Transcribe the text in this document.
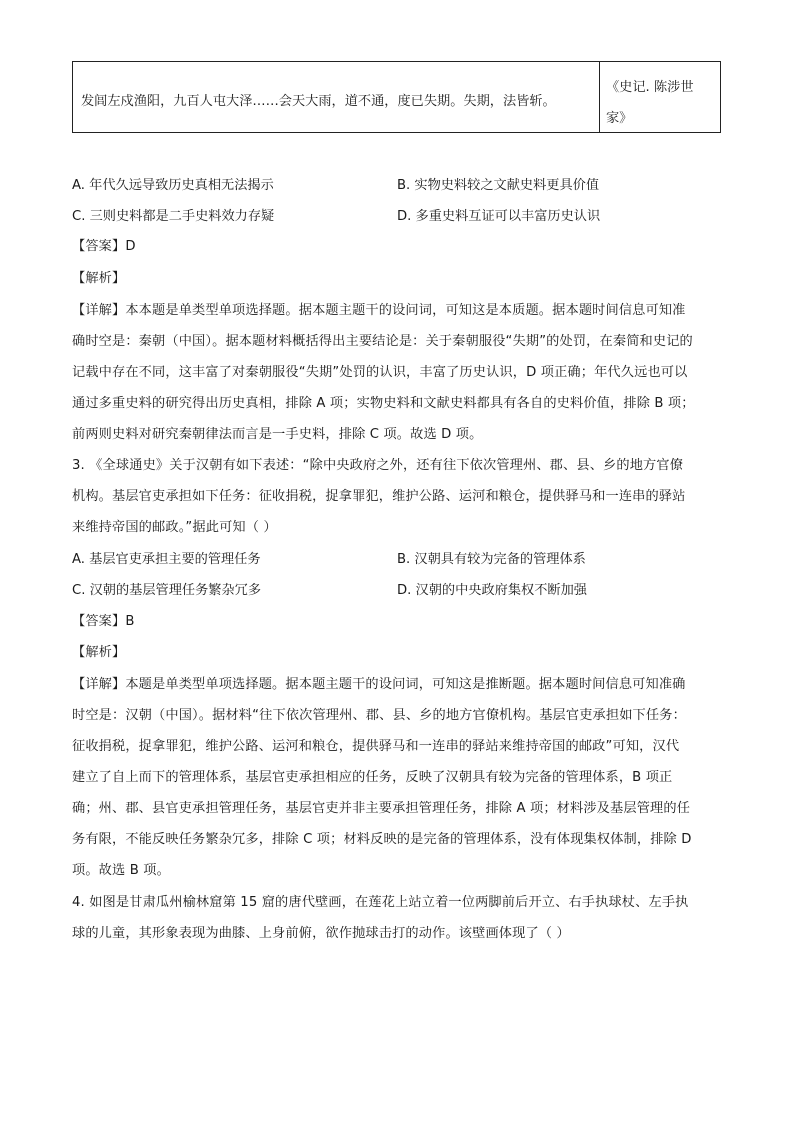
发闾左戍渔阳，九百人屯大泽……会天大雨，道不通，度已失期。失期，法皆斩。
《史记. 陈涉世家》
A. 年代久远导致历史真相无法揭示	B. 实物史料较之文献史料更具价值
C. 三则史料都是二手史料效力存疑	D. 多重史料互证可以丰富历史认识
【答案】D
【解析】
【详解】本本题是单类型单项选择题。据本题主题干的设问词，可知这是本质题。据本题时间信息可知准
确时空是：秦朝（中国）。据本题材料概括得出主要结论是：关于秦朝服役“失期”的处罚，在秦简和史记的
记载中存在不同，这丰富了对秦朝服役“失期”处罚的认识，丰富了历史认识，D 项正确；年代久远也可以
通过多重史料的研究得出历史真相，排除 A 项；实物史料和文献史料都具有各自的史料价值，排除 B 项；
前两则史料对研究秦朝律法而言是一手史料，排除 C 项。故选 D 项。
3. 《全球通史》关于汉朝有如下表述：“除中央政府之外，还有往下依次管理州、郡、县、乡的地方官僚
机构。基层官吏承担如下任务：征收捐税，捉拿罪犯，维护公路、运河和粮仓，提供驿马和一连串的驿站
来维持帝国的邮政。”据此可知（ ）
A. 基层官吏承担主要的管理任务	B. 汉朝具有较为完备的管理体系
C. 汉朝的基层管理任务繁杂冗多	D. 汉朝的中央政府集权不断加强
【答案】B
【解析】
【详解】本题是单类型单项选择题。据本题主题干的设问词，可知这是推断题。据本题时间信息可知准确
时空是：汉朝（中国）。据材料“往下依次管理州、郡、县、乡的地方官僚机构。基层官吏承担如下任务：
征收捐税，捉拿罪犯，维护公路、运河和粮仓，提供驿马和一连串的驿站来维持帝国的邮政”可知，汉代
建立了自上而下的管理体系，基层官吏承担相应的任务，反映了汉朝具有较为完备的管理体系，B 项正
确；州、郡、县官吏承担管理任务，基层官吏并非主要承担管理任务，排除 A 项；材料涉及基层管理的任
务有限，不能反映任务繁杂冗多，排除 C 项；材料反映的是完备的管理体系，没有体现集权体制，排除 D
项。故选 B 项。
4. 如图是甘肃瓜州榆林窟第 15 窟的唐代壁画，在莲花上站立着一位两脚前后开立、右手执球杖、左手执
球的儿童，其形象表现为曲膝、上身前俯，欲作抛球击打的动作。该壁画体现了（ ）
